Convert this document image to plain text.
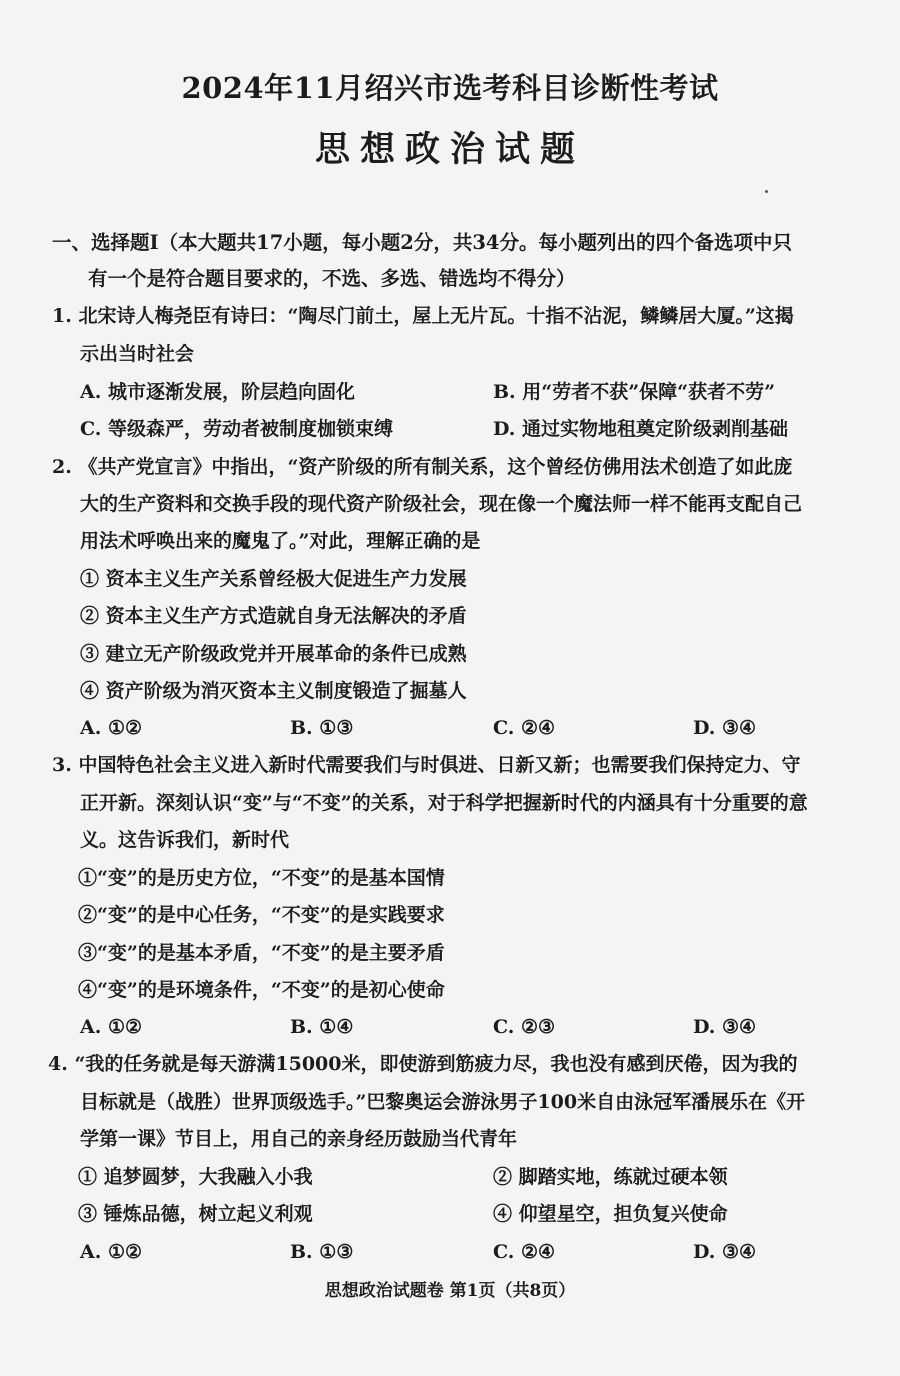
2024年11月绍兴市选考科目诊断性考试
思想政治试题
一、选择题Ⅰ（本大题共17小题，每小题2分，共34分。每小题列出的四个备选项中只
有一个是符合题目要求的，不选、多选、错选均不得分）
1. 北宋诗人梅尧臣有诗曰：“陶尽门前土，屋上无片瓦。十指不沾泥，鳞鳞居大厦。”这揭
示出当时社会
A. 城市逐渐发展，阶层趋向固化	B. 用“劳者不获”保障“获者不劳”
C. 等级森严，劳动者被制度枷锁束缚	D. 通过实物地租奠定阶级剥削基础
2. 《共产党宣言》中指出，“资产阶级的所有制关系，这个曾经仿佛用法术创造了如此庞
大的生产资料和交换手段的现代资产阶级社会，现在像一个魔法师一样不能再支配自己
用法术呼唤出来的魔鬼了。”对此，理解正确的是
① 资本主义生产关系曾经极大促进生产力发展
② 资本主义生产方式造就自身无法解决的矛盾
③ 建立无产阶级政党并开展革命的条件已成熟
④ 资产阶级为消灭资本主义制度锻造了掘墓人
A. ①②	B. ①③	C. ②④	D. ③④
3. 中国特色社会主义进入新时代需要我们与时俱进、日新又新；也需要我们保持定力、守
正开新。深刻认识“变”与“不变”的关系，对于科学把握新时代的内涵具有十分重要的意
义。这告诉我们，新时代
①“变”的是历史方位，“不变”的是基本国情
②“变”的是中心任务，“不变”的是实践要求
③“变”的是基本矛盾，“不变”的是主要矛盾
④“变”的是环境条件，“不变”的是初心使命
A. ①②	B. ①④	C. ②③	D. ③④
4. “我的任务就是每天游满15000米，即使游到筋疲力尽，我也没有感到厌倦，因为我的
目标就是（战胜）世界顶级选手。”巴黎奥运会游泳男子100米自由泳冠军潘展乐在《开
学第一课》节目上，用自己的亲身经历鼓励当代青年
① 追梦圆梦，大我融入小我	② 脚踏实地，练就过硬本领
③ 锤炼品德，树立起义利观	④ 仰望星空，担负复兴使命
A. ①②	B. ①③	C. ②④	D. ③④
思想政治试题卷 第1页（共8页）
